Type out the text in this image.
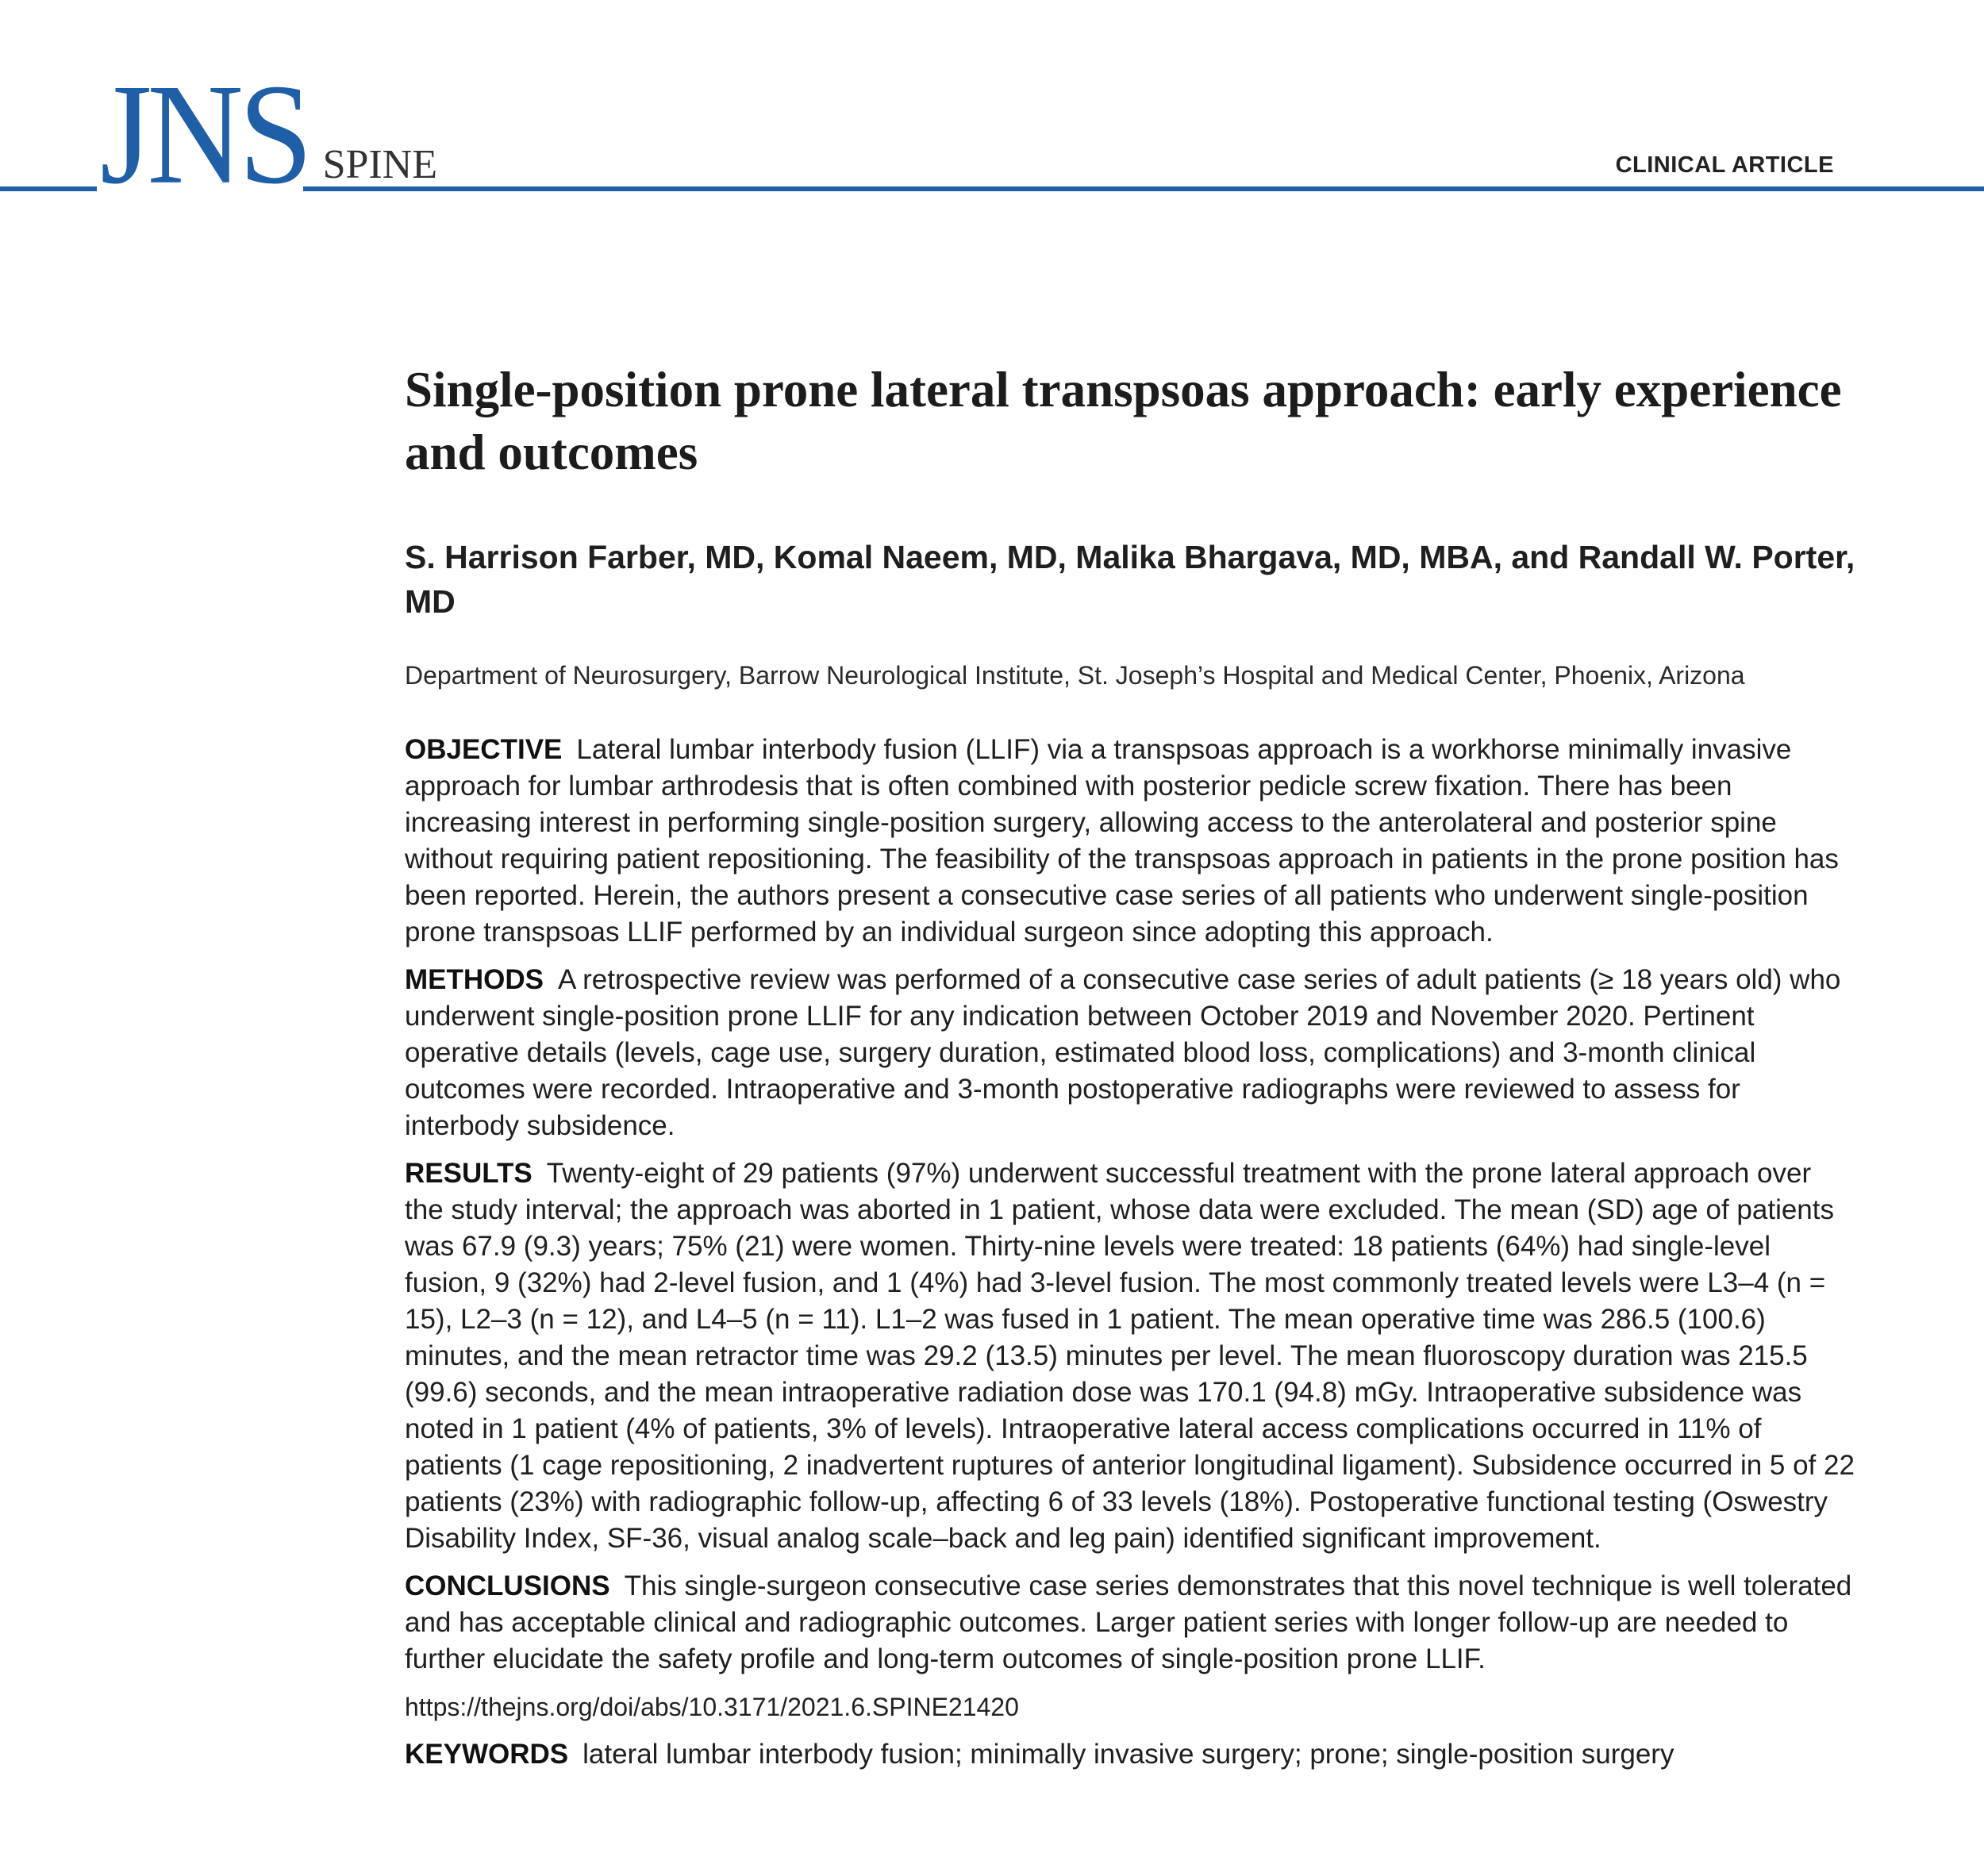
JNS SPINE	CLINICAL ARTICLE
Single-position prone lateral transpsoas approach: early experience and outcomes
S. Harrison Farber, MD, Komal Naeem, MD, Malika Bhargava, MD, MBA, and Randall W. Porter, MD
Department of Neurosurgery, Barrow Neurological Institute, St. Joseph’s Hospital and Medical Center, Phoenix, Arizona

OBJECTIVE Lateral lumbar interbody fusion (LLIF) via a transpsoas approach is a workhorse minimally invasive approach for lumbar arthrodesis that is often combined with posterior pedicle screw fixation. There has been increasing interest in performing single-position surgery, allowing access to the anterolateral and posterior spine without requiring patient repositioning. The feasibility of the transpsoas approach in patients in the prone position has been reported. Herein, the authors present a consecutive case series of all patients who underwent single-position prone transpsoas LLIF performed by an individual surgeon since adopting this approach.

METHODS A retrospective review was performed of a consecutive case series of adult patients (≥ 18 years old) who underwent single-position prone LLIF for any indication between October 2019 and November 2020. Pertinent operative details (levels, cage use, surgery duration, estimated blood loss, complications) and 3-month clinical outcomes were recorded. Intraoperative and 3-month postoperative radiographs were reviewed to assess for interbody subsidence.

RESULTS Twenty-eight of 29 patients (97%) underwent successful treatment with the prone lateral approach over the study interval; the approach was aborted in 1 patient, whose data were excluded. The mean (SD) age of patients was 67.9 (9.3) years; 75% (21) were women. Thirty-nine levels were treated: 18 patients (64%) had single-level fusion, 9 (32%) had 2-level fusion, and 1 (4%) had 3-level fusion. The most commonly treated levels were L3–4 (n = 15), L2–3 (n = 12), and L4–5 (n = 11). L1–2 was fused in 1 patient. The mean operative time was 286.5 (100.6) minutes, and the mean retractor time was 29.2 (13.5) minutes per level. The mean fluoroscopy duration was 215.5 (99.6) seconds, and the mean intraoperative radiation dose was 170.1 (94.8) mGy. Intraoperative subsidence was noted in 1 patient (4% of patients, 3% of levels). Intraoperative lateral access complications occurred in 11% of patients (1 cage repositioning, 2 inadvertent ruptures of anterior longitudinal ligament). Subsidence occurred in 5 of 22 patients (23%) with radiographic follow-up, affecting 6 of 33 levels (18%). Postoperative functional testing (Oswestry Disability Index, SF-36, visual analog scale–back and leg pain) identified significant improvement.

CONCLUSIONS This single-surgeon consecutive case series demonstrates that this novel technique is well tolerated and has acceptable clinical and radiographic outcomes. Larger patient series with longer follow-up are needed to further elucidate the safety profile and long-term outcomes of single-position prone LLIF.

https://thejns.org/doi/abs/10.3171/2021.6.SPINE21420

KEYWORDS lateral lumbar interbody fusion; minimally invasive surgery; prone; single-position surgery
